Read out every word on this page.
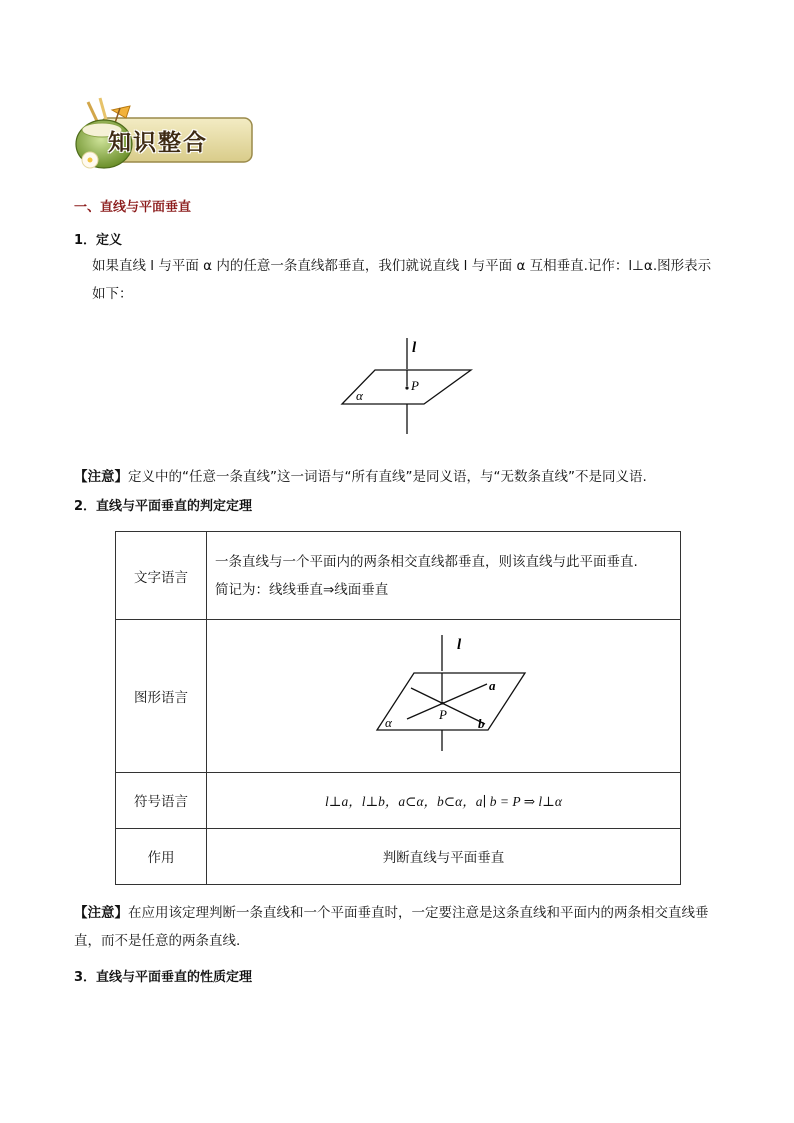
知识整合
一、直线与平面垂直
1．定义
如果直线 l 与平面 α 内的任意一条直线都垂直，我们就说直线 l 与平面 α 互相垂直.记作：l⊥α.图形表示
如下：
l
P
α
【注意】定义中的“任意一条直线”这一词语与“所有直线”是同义语，与“无数条直线”不是同义语.
2．直线与平面垂直的判定定理
文字语言	一条直线与一个平面内的两条相交直线都垂直，则该直线与此平面垂直.
简记为：线线垂直⇒线面垂直

图形语言	l
a
b
P
α

符号语言	l⊥a，l⊥b，a⊂α，b⊂α，a∣ b = P ⇒ l⊥α
作用	判断直线与平面垂直
【注意】在应用该定理判断一条直线和一个平面垂直时，一定要注意是这条直线和平面内的两条相交直线垂直，而不是任意的两条直线.
3．直线与平面垂直的性质定理
